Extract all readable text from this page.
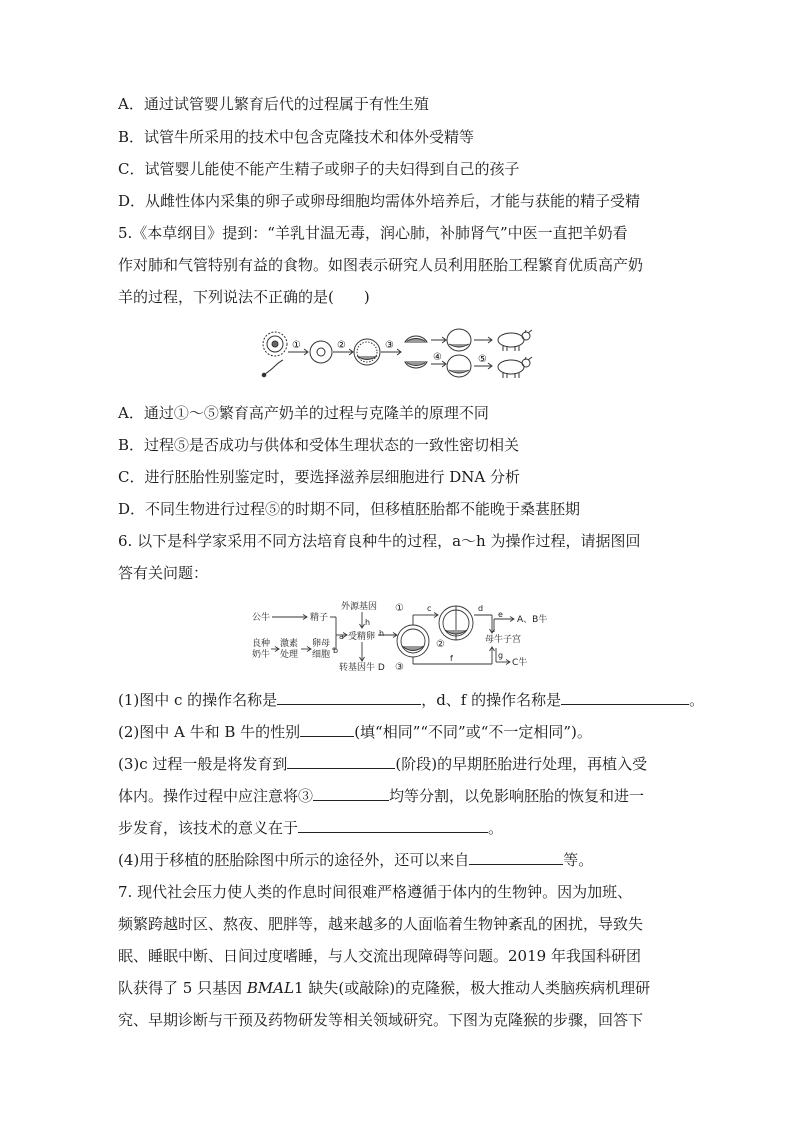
A．通过试管婴儿繁育后代的过程属于有性生殖
B．试管牛所采用的技术中包含克隆技术和体外受精等
C．试管婴儿能使不能产生精子或卵子的夫妇得到自己的孩子
D．从雌性体内采集的卵子或卵母细胞均需体外培养后，才能与获能的精子受精
5.《本草纲目》提到：“羊乳甘温无毒，润心肺，补肺肾气”中医一直把羊奶看
作对肺和气管特别有益的食物。如图表示研究人员利用胚胎工程繁育优质高产奶
羊的过程，下列说法不正确的是(　　)
①	②	③
④	⑤
A．通过①～⑤繁育高产奶羊的过程与克隆羊的原理不同
B．过程⑤是否成功与供体和受体生理状态的一致性密切相关
C．进行胚胎性别鉴定时，要选择滋养层细胞进行 DNA 分析
D．不同生物进行过程⑤的时期不同，但移植胚胎都不能晚于桑葚胚期
6. 以下是科学家采用不同方法培育良种牛的过程，a～h 为操作过程，请据图回
答有关问题：
公牛	精子
良种
奶牛
激素
处理
卵母
细胞
外源基因
受精卵
转基因牛 D
母牛子宫
A、B牛
C牛
a
b
c	d
e
f	g
h
h
①
②
③
(1)图中 c 的操作名称是	，d、f 的操作名称是	。
(2)图中 A 牛和 B 牛的性别	(填“相同”“不同”或“不一定相同”)。
(3)c 过程一般是将发育到	(阶段)的早期胚胎进行处理，再植入受
体内。操作过程中应注意将③	均等分割，以免影响胚胎的恢复和进一
步发育，该技术的意义在于	。
(4)用于移植的胚胎除图中所示的途径外，还可以来自	等。
7. 现代社会压力使人类的作息时间很难严格遵循于体内的生物钟。因为加班、
频繁跨越时区、熬夜、肥胖等，越来越多的人面临着生物钟紊乱的困扰，导致失
眠、睡眠中断、日间过度嗜睡，与人交流出现障碍等问题。2019 年我国科研团
队获得了 5 只基因 BMAL1 缺失(或敲除)的克隆猴，极大推动人类脑疾病机理研
究、早期诊断与干预及药物研发等相关领域研究。下图为克隆猴的步骤，回答下
